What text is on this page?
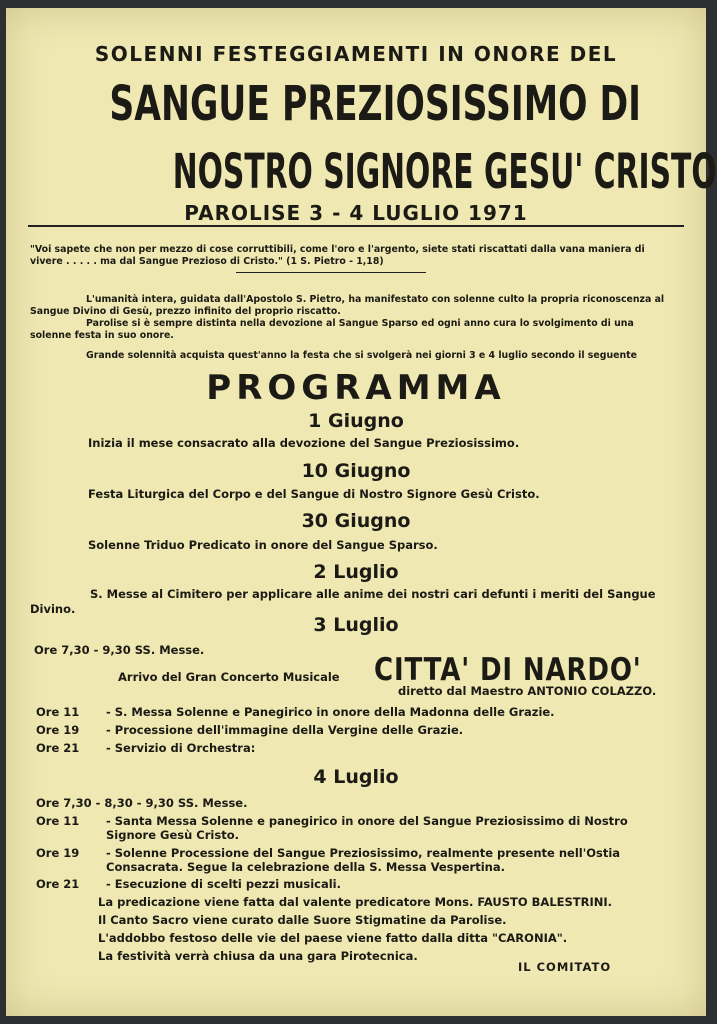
SOLENNI FESTEGGIAMENTI IN ONORE DEL
SANGUE PREZIOSISSIMO DI
NOSTRO SIGNORE GESU' CRISTO
PAROLISE 3 - 4 LUGLIO 1971
"Voi sapete che non per mezzo di cose corruttibili, come l'oro e l'argento, siete stati riscattati dalla vana maniera di
vivere . . . . . ma dal Sangue Prezioso di Cristo." (1 S. Pietro - 1,18)
L'umanità intera, guidata dall'Apostolo S. Pietro, ha manifestato con solenne culto la propria riconoscenza al
Sangue Divino di Gesù, prezzo infinito del proprio riscatto.
Parolise si è sempre distinta nella devozione al Sangue Sparso ed ogni anno cura lo svolgimento di una
solenne festa in suo onore.
Grande solennità acquista quest'anno la festa che si svolgerà nei giorni 3 e 4 luglio secondo il seguente
PROGRAMMA
1 Giugno
Inizia il mese consacrato alla devozione del Sangue Preziosissimo.
10 Giugno
Festa Liturgica del Corpo e del Sangue di Nostro Signore Gesù Cristo.
30 Giugno
Solenne Triduo Predicato in onore del Sangue Sparso.
2 Luglio
S. Messe al Cimitero per applicare alle anime dei nostri cari defunti i meriti del Sangue
Divino.
3 Luglio
Ore 7,30 - 9,30 SS. Messe.
Arrivo del Gran Concerto Musicale CITTA' DI NARDO'
diretto dal Maestro ANTONIO COLAZZO.
Ore 11 - S. Messa Solenne e Panegirico in onore della Madonna delle Grazie.
Ore 19 - Processione dell'immagine della Vergine delle Grazie.
Ore 21 - Servizio di Orchestra:
4 Luglio
Ore 7,30 - 8,30 - 9,30 SS. Messe.
Ore 11 - Santa Messa Solenne e panegirico in onore del Sangue Preziosissimo di Nostro Signore Gesù Cristo.
Ore 19 - Solenne Processione del Sangue Preziosissimo, realmente presente nell'Ostia Consacrata. Segue la celebrazione della S. Messa Vespertina.
Ore 21 - Esecuzione di scelti pezzi musicali.
La predicazione viene fatta dal valente predicatore Mons. FAUSTO BALESTRINI.
Il Canto Sacro viene curato dalle Suore Stigmatine da Parolise.
L'addobbo festoso delle vie del paese viene fatto dalla ditta "CARONIA".
La festività verrà chiusa da una gara Pirotecnica.
IL COMITATO
